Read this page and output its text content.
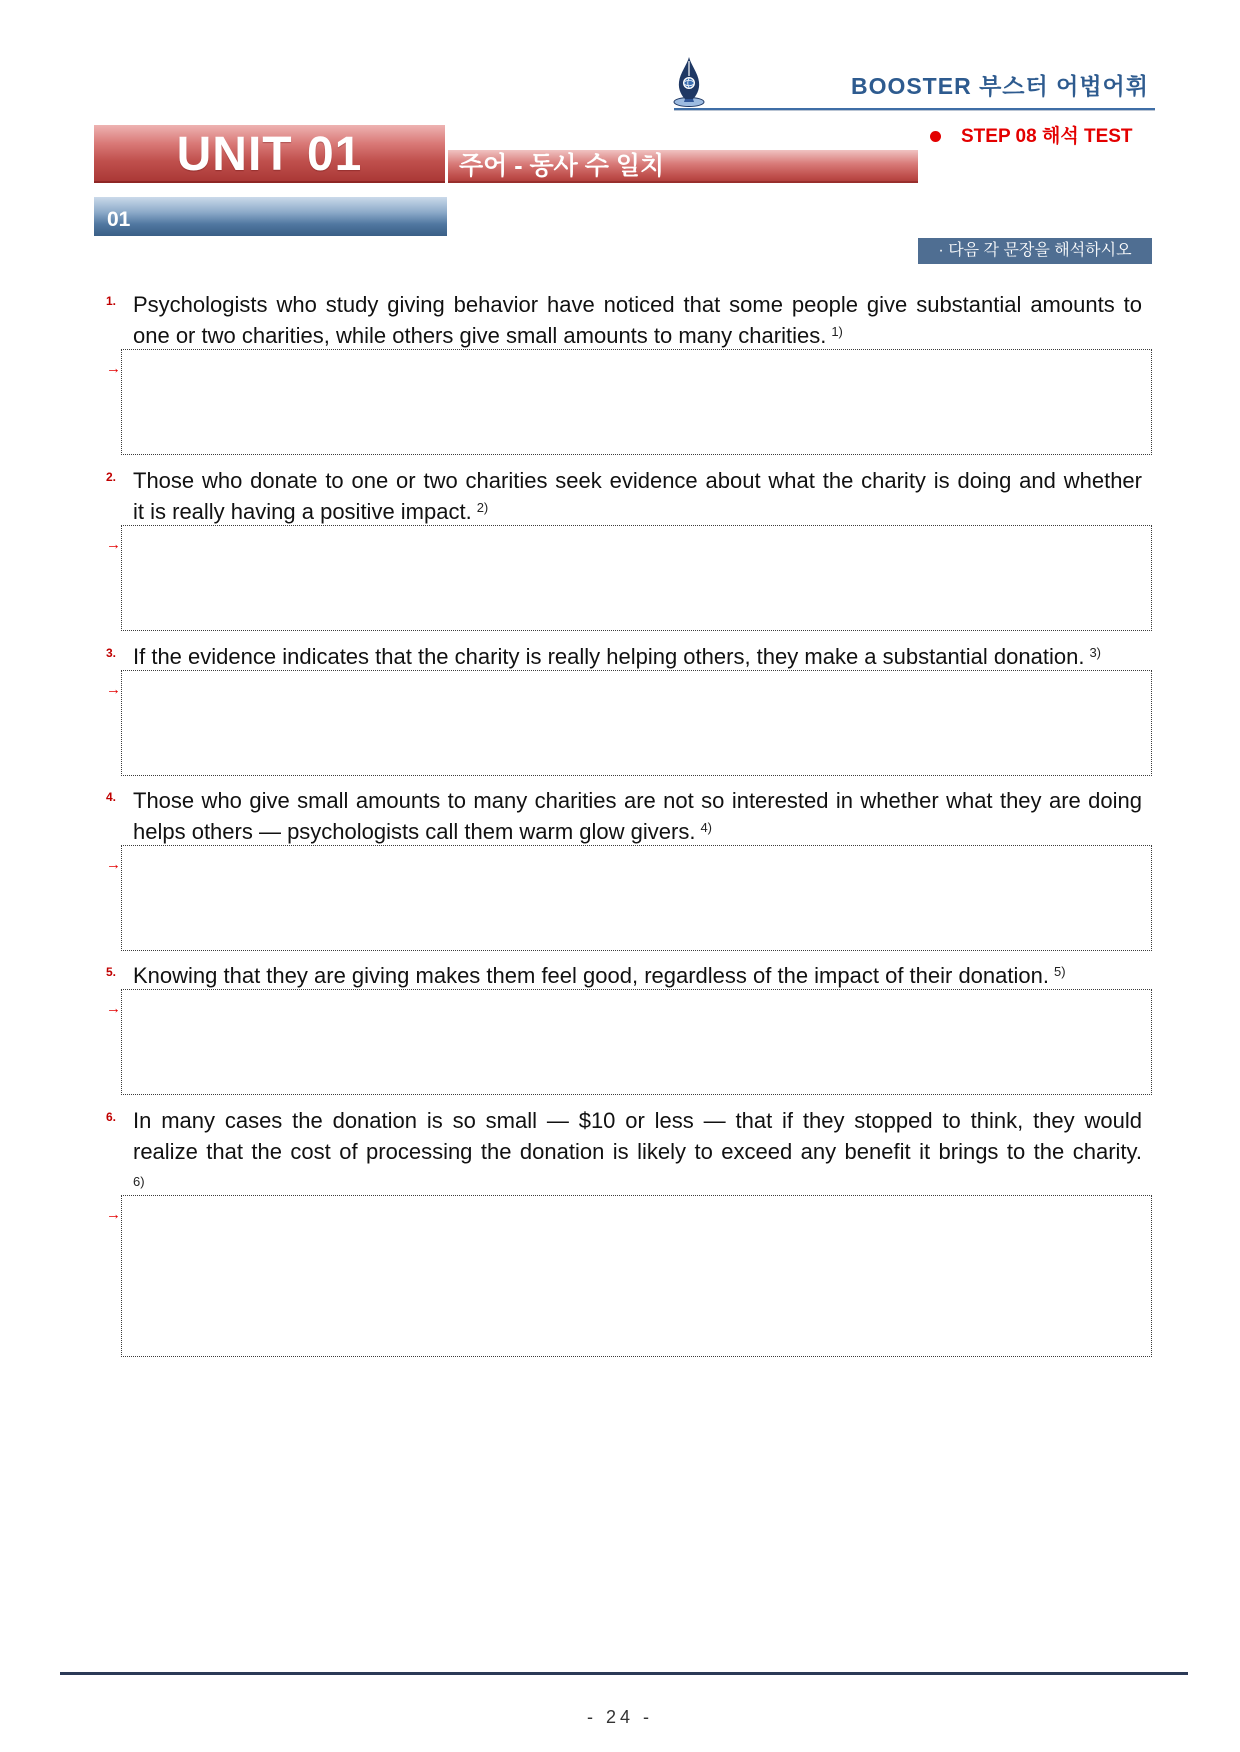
BOOSTER 부스터 어법어휘
STEP 08 해석 TEST
UNIT 01	주어 - 동사 수 일치
01
· 다음 각 문장을 해석하시오
1. Psychologists who study giving behavior have noticed that some people give substantial amounts to
one or two charities, while others give small amounts to many charities. $^{1)}$
→
2. Those who donate to one or two charities seek evidence about what the charity is doing and whether
it is really having a positive impact. $^{2)}$
→
3. If the evidence indicates that the charity is really helping others, they make a substantial donation. $^{3)}$
→
4. Those who give small amounts to many charities are not so interested in whether what they are doing
helps others — psychologists call them warm glow givers. $^{4)}$
→
5. Knowing that they are giving makes them feel good, regardless of the impact of their donation. $^{5)}$
→
6. In many cases the donation is so small — $10 or less — that if they stopped to think, they would
realize that the cost of processing the donation is likely to exceed any benefit it brings to the charity.
6)
→
- 24 -
